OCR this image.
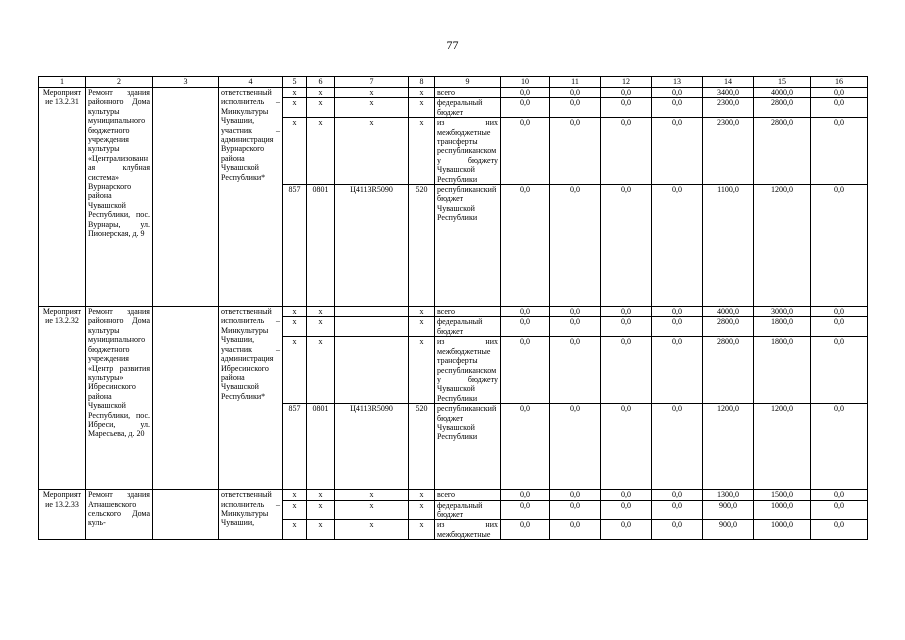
77
1	2	3	4	5	6	7	8	9	10	11	12	13	14	15	16
Мероприятие 13.2.31	Ремонт здания районного Дома культуры муниципального бюджетного учреждения культуры «Централизованная клубная система» Вурнарского района Чувашской Республики, пос. Вурнары, ул. Пионерская, д. 9		ответственный исполнитель – Минкультуры Чувашии, участник – администрация Вурнарского района Чувашской Республики*	x	x	x	x	всего	0,0	0,0	0,0	0,0	3400,0	4000,0	0,0
				x	x	x	x	федеральный бюджет	0,0	0,0	0,0	0,0	2300,0	2800,0	0,0
				x	x	x	x	из них межбюджетные трансферты республиканскому бюджету Чувашской Республики	0,0	0,0	0,0	0,0	2300,0	2800,0	0,0
				857	0801	Ц4113R5090	520	республиканский бюджет Чувашской Республики	0,0	0,0	0,0	0,0	1100,0	1200,0	0,0
Мероприятие 13.2.32	Ремонт здания районного Дома культуры муниципального бюджетного учреждения «Центр развития культуры» Ибресинского района Чувашской Республики, пос. Ибреси, ул. Маресьева, д. 20		ответственный исполнитель – Минкультуры Чувашии, участник – администрация Ибресинского района Чувашской Республики*	x	x		x	всего	0,0	0,0	0,0	0,0	4000,0	3000,0	0,0
				x	x		x	федеральный бюджет	0,0	0,0	0,0	0,0	2800,0	1800,0	0,0
				x	x		x	из них межбюджетные трансферты республиканскому бюджету Чувашской Республики	0,0	0,0	0,0	0,0	2800,0	1800,0	0,0
				857	0801	Ц4113R5090	520	республиканский бюджет Чувашской Республики	0,0	0,0	0,0	0,0	1200,0	1200,0	0,0
Мероприятие 13.2.33	Ремонт здания Атнашевского сельского Дома куль-		ответственный исполнитель – Минкультуры Чувашии,	x	x	x	x	всего	0,0	0,0	0,0	0,0	1300,0	1500,0	0,0
				x	x	x	x	федеральный бюджет	0,0	0,0	0,0	0,0	900,0	1000,0	0,0
				x	x	x	x	из них межбюджетные	0,0	0,0	0,0	0,0	900,0	1000,0	0,0
